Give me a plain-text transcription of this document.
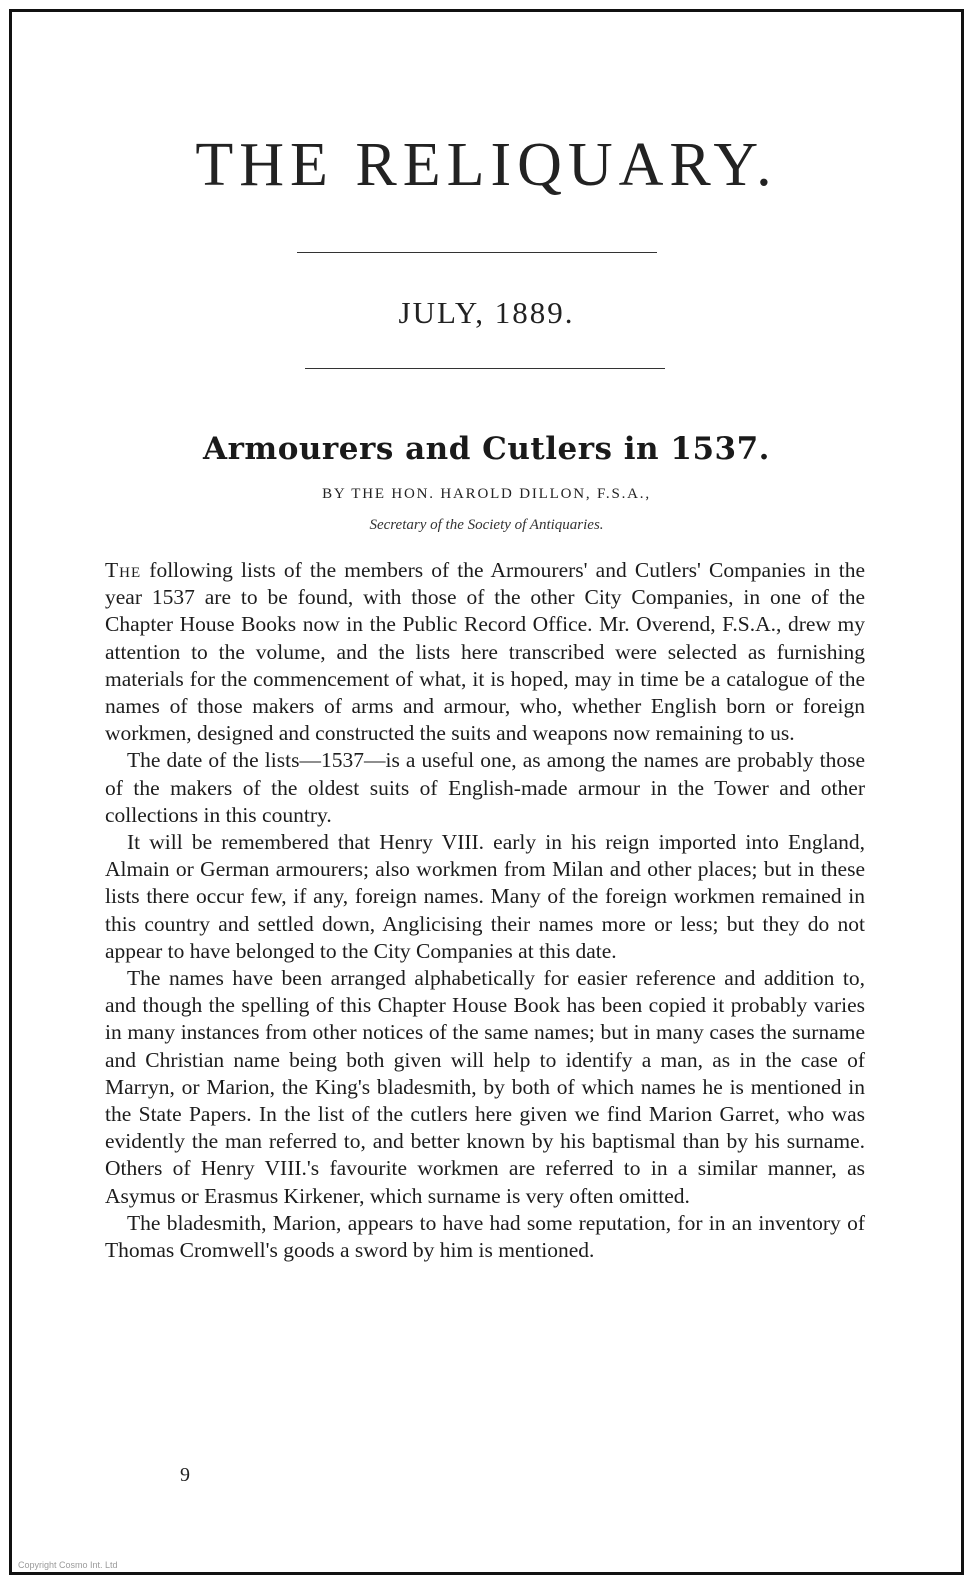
THE RELIQUARY.
JULY, 1889.
Armourers and Cutlers in 1537.
BY THE HON. HAROLD DILLON, F.S.A.,
Secretary of the Society of Antiquaries.

The following lists of the members of the Armourers' and Cutlers' Companies in the year 1537 are to be found, with those of the other City Companies, in one of the Chapter House Books now in the Public Record Office. Mr. Overend, F.S.A., drew my attention to the volume, and the lists here transcribed were selected as furnishing materials for the commencement of what, it is hoped, may in time be a catalogue of the names of those makers of arms and armour, who, whether English born or foreign workmen, designed and constructed the suits and weapons now remaining to us.

The date of the lists—1537—is a useful one, as among the names are probably those of the makers of the oldest suits of English-made armour in the Tower and other collections in this country.

It will be remembered that Henry VIII. early in his reign imported into England, Almain or German armourers; also workmen from Milan and other places; but in these lists there occur few, if any, foreign names. Many of the foreign workmen remained in this country and settled down, Anglicising their names more or less; but they do not appear to have belonged to the City Companies at this date.

The names have been arranged alphabetically for easier reference and addition to, and though the spelling of this Chapter House Book has been copied it probably varies in many instances from other notices of the same names; but in many cases the surname and Christian name being both given will help to identify a man, as in the case of Marryn, or Marion, the King's bladesmith, by both of which names he is mentioned in the State Papers. In the list of the cutlers here given we find Marion Garret, who was evidently the man referred to, and better known by his baptismal than by his surname. Others of Henry VIII.'s favourite workmen are referred to in a similar manner, as Asymus or Erasmus Kirkener, which surname is very often omitted.

The bladesmith, Marion, appears to have had some reputation, for in an inventory of Thomas Cromwell's goods a sword by him is mentioned.

9
Copyright Cosmo Int. Ltd
